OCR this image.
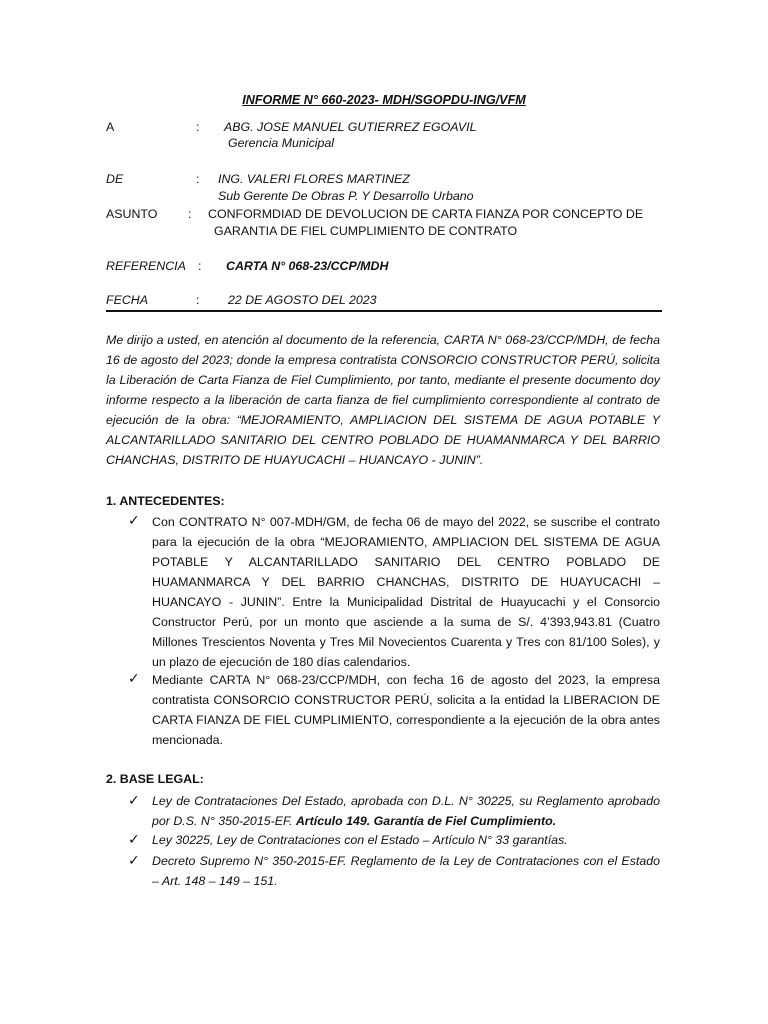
INFORME N° 660-2023- MDH/SGOPDU-ING/VFM
A	: ABG. JOSE MANUEL GUTIERREZ EGOAVIL
Gerencia Municipal
DE	: ING. VALERI FLORES MARTINEZ
Sub Gerente De Obras P. Y Desarrollo Urbano
ASUNTO : CONFORMDIAD DE DEVOLUCION DE CARTA FIANZA POR CONCEPTO DE
GARANTIA DE FIEL CUMPLIMIENTO DE CONTRATO
REFERENCIA : CARTA N° 068-23/CCP/MDH
FECHA	: 22 DE AGOSTO DEL 2023
Me dirijo a usted, en atención al documento de la referencia, CARTA N° 068-23/CCP/MDH, de fecha 16 de agosto del 2023; donde la empresa contratista CONSORCIO CONSTRUCTOR PERÚ, solicita la Liberación de Carta Fianza de Fiel Cumplimiento, por tanto, mediante el presente documento doy informe respecto a la liberación de carta fianza de fiel cumplimiento correspondiente al contrato de ejecución de la obra: “MEJORAMIENTO, AMPLIACION DEL SISTEMA DE AGUA POTABLE Y ALCANTARILLADO SANITARIO DEL CENTRO POBLADO DE HUAMANMARCA Y DEL BARRIO CHANCHAS, DISTRITO DE HUAYUCACHI – HUANCAYO - JUNIN”.
1. ANTECEDENTES:
✓ Con CONTRATO N° 007-MDH/GM, de fecha 06 de mayo del 2022, se suscribe el contrato para la ejecución de la obra “MEJORAMIENTO, AMPLIACION DEL SISTEMA DE AGUA POTABLE Y ALCANTARILLADO SANITARIO DEL CENTRO POBLADO DE HUAMANMARCA Y DEL BARRIO CHANCHAS, DISTRITO DE HUAYUCACHI – HUANCAYO - JUNIN”. Entre la Municipalidad Distrital de Huayucachi y el Consorcio Constructor Perú, por un monto que asciende a la suma de S/. 4’393,943.81 (Cuatro Millones Trescientos Noventa y Tres Mil Novecientos Cuarenta y Tres con 81/100 Soles), y un plazo de ejecución de 180 días calendarios.
✓ Mediante CARTA N° 068-23/CCP/MDH, con fecha 16 de agosto del 2023, la empresa contratista CONSORCIO CONSTRUCTOR PERÚ, solicita a la entidad la LIBERACION DE CARTA FIANZA DE FIEL CUMPLIMIENTO, correspondiente a la ejecución de la obra antes mencionada.
2. BASE LEGAL:
✓ Ley de Contrataciones Del Estado, aprobada con D.L. N° 30225, su Reglamento aprobado por D.S. N° 350-2015-EF. Artículo 149. Garantía de Fiel Cumplimiento.
✓ Ley 30225, Ley de Contrataciones con el Estado – Artículo N° 33 garantías.
✓ Decreto Supremo N° 350-2015-EF. Reglamento de la Ley de Contrataciones con el Estado – Art. 148 – 149 – 151.
